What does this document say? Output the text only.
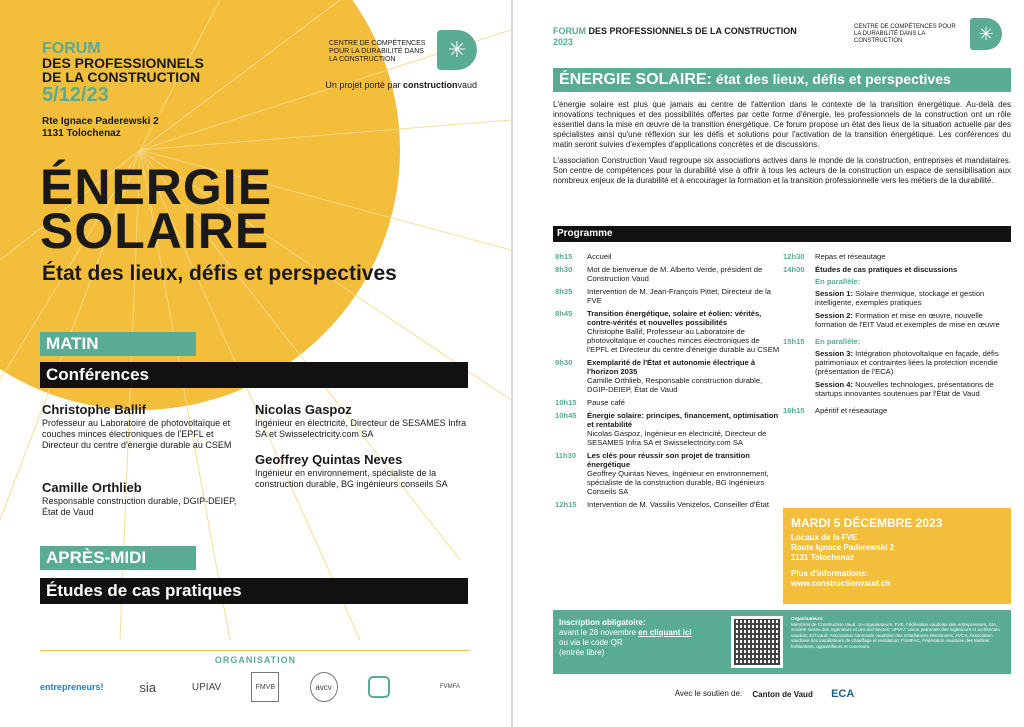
FORUM
DES PROFESSIONNELS
DE LA CONSTRUCTION
5/12/23
Rte Ignace Paderewski 2
1131 Tolochenaz
CENTRE DE COMPÉTENCES POUR LA DURABILITÉ DANS LA CONSTRUCTION	✳
Un projet porté par constructionvaud
ÉNERGIE
SOLAIRE
État des lieux, défis et perspectives
MATIN
Conférences
Christophe Ballif
Professeur au Laboratoire de photovoltaïque et couches minces électroniques de l'EPFL et Directeur du centre d'énergie durable au CSEM
Camille Orthlieb
Responsable construction durable, DGIP-DEIEP, État de Vaud
Nicolas Gaspoz
Ingénieur en électricité, Directeur de SESAMES Infra SA et Swisselectricity.com SA
Geoffrey Quintas Neves
Ingénieur en environnement, spécialiste de la construction durable, BG ingénieurs conseils SA
APRÈS-MIDI
Études de cas pratiques
ORGANISATION
entrepreneurs!	sia	UPIAV	FMVB	avcv	FVMFA
FORUM DES PROFESSIONNELS DE LA CONSTRUCTION
2023
CENTRE DE COMPÉTENCES POUR LA DURABILITÉ DANS LA CONSTRUCTION	✳
ÉNERGIE SOLAIRE: état des lieux, défis et perspectives

L'énergie solaire est plus que jamais au centre de l'attention dans le contexte de la transition énergétique. Au-delà des innovations techniques et des possibilités offertes par cette forme d'énergie, les professionnels de la construction ont un rôle essentiel dans la mise en œuvre de la transition énergétique. Ce forum propose un état des lieux de la situation actuelle par des spécialistes ainsi qu'une réflexion sur les défis et solutions pour l'activation de la transition énergétique. Les conférences du matin seront suivies d'exemples d'applications concrètes et de discussions.

L'association Construction Vaud regroupe six associations actives dans le monde de la construction, entreprises et mandataires. Son centre de compétences pour la durabilité vise à offrir à tous les acteurs de la construction un espace de sensibilisation aux nombreux enjeux de la durabilité et à encourager la formation et la transition professionnelle vers les métiers de la durabilité.

Programme
8h15	Accueil
8h30	Mot de bienvenue de M. Alberto Verde, président de Construction Vaud
8h35	Intervention de M. Jean-François Pittet, Directeur de la FVE
8h45	Transition énergétique, solaire et éolien: vérités, contre-vérités et nouvelles possibilités
Christophe Ballif, Professeur au Laboratoire de photovoltaïque et couches minces électroniques de l'EPFL et Directeur du centre d'énergie durable au CSEM
9h30	Exemplarité de l'État et autonomie électrique à l'horizon 2035
Camille Orthlieb, Responsable construction durable, DGIP-DEIEP, État de Vaud
10h15	Pause café
10h45	Énergie solaire: principes, financement, optimisation et rentabilité
Nicolas Gaspoz, Ingénieur en électricité, Directeur de SESAMES Infra SA et Swisselectricity.com SA
11h30	Les clés pour réussir son projet de transition énergétique
Geoffrey Quintas Neves, Ingénieur en environnement, spécialiste de la construction durable, BG Ingénieurs Conseils SA
12h15	Intervention de M. Vassilis Venizelos, Conseiller d'État
12h30	Repas et réseautage
14h00	Études de cas pratiques et discussions
En parallèle:
Session 1: Solaire thermique, stockage et gestion intelligente, exemples pratiques
Session 2: Formation et mise en œuvre, nouvelle formation de l'EIT Vaud et exemples de mise en œuvre
15h15	En parallèle:
Session 3: Intégration photovoltaïque en façade, défis patrimoniaux et contraintes liées la protection incendie (présentation de l'ECA)
Session 4: Nouvelles technologies, présentations de startups innovantes soutenues par l'État de Vaud
16h15	Apéritif et réseautage
MARDI 5 DÉCEMBRE 2023
Locaux de la FVE
Route Ignace Paderewski 2
1131 Tolochenaz
Plus d'informations:
www.constructionvaud.ch
Inscription obligatoire:
avant le 28 novembre en cliquant ici
ou via le code QR
(entrée libre)
Organisateurs:
Membres de Construction Vaud, co-organisateurs: FVE, Fédération vaudoise des entrepreneurs; SIA, Société suisse des ingénieurs et des architectes; UPIAV: Union patronale des ingénieurs et architectes vaudois; EIT.vaud: Association cantonale vaudoise des installateurs-électriciens; AVCV, Association vaudoise des installateurs de chauffage et ventilation; FVMFAC, Fédération vaudoise des Maîtres ferblantiers, appareilleurs et couvreurs.
Avec le soutien de: Canton de Vaud ECA
